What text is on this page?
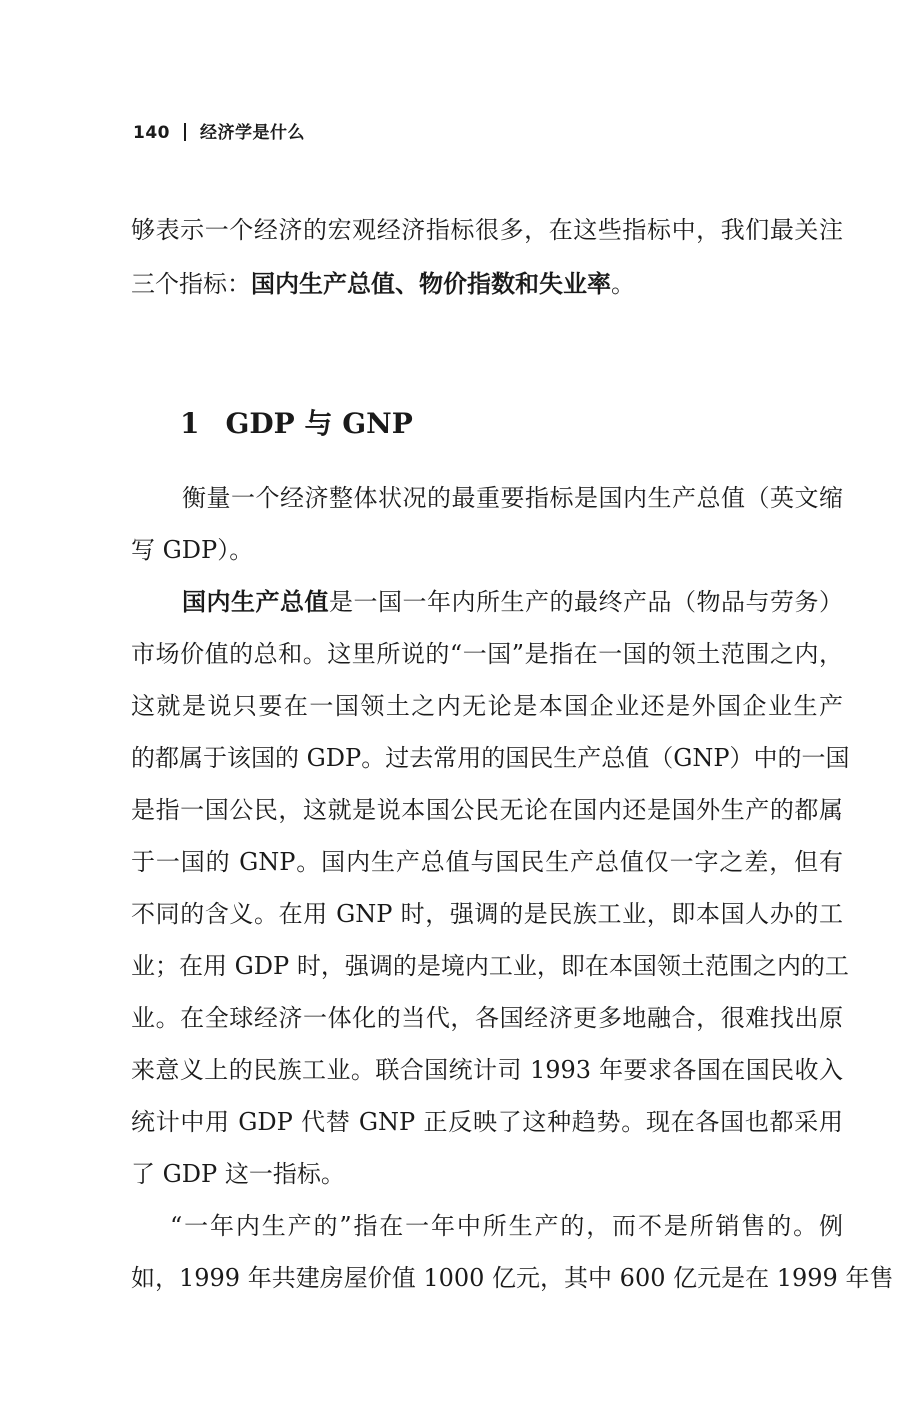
140 经济学是什么
够表示一个经济的宏观经济指标很多，在这些指标中，我们最关注
三个指标：国内生产总值、物价指数和失业率。
1 GDP 与 GNP
衡量一个经济整体状况的最重要指标是国内生产总值（英文缩
写 GDP）。
国内生产总值是一国一年内所生产的最终产品（物品与劳务）
市场价值的总和。这里所说的“一国”是指在一国的领土范围之内，
这就是说只要在一国领土之内无论是本国企业还是外国企业生产
的都属于该国的 GDP。过去常用的国民生产总值（GNP）中的一国
是指一国公民，这就是说本国公民无论在国内还是国外生产的都属
于一国的 GNP。国内生产总值与国民生产总值仅一字之差，但有
不同的含义。在用 GNP 时，强调的是民族工业，即本国人办的工
业；在用 GDP 时，强调的是境内工业，即在本国领土范围之内的工
业。在全球经济一体化的当代，各国经济更多地融合，很难找出原
来意义上的民族工业。联合国统计司 1993 年要求各国在国民收入
统计中用 GDP 代替 GNP 正反映了这种趋势。现在各国也都采用
了 GDP 这一指标。
“一年内生产的”指在一年中所生产的，而不是所销售的。例
如，1999 年共建房屋价值 1000 亿元，其中 600 亿元是在 1999 年售
